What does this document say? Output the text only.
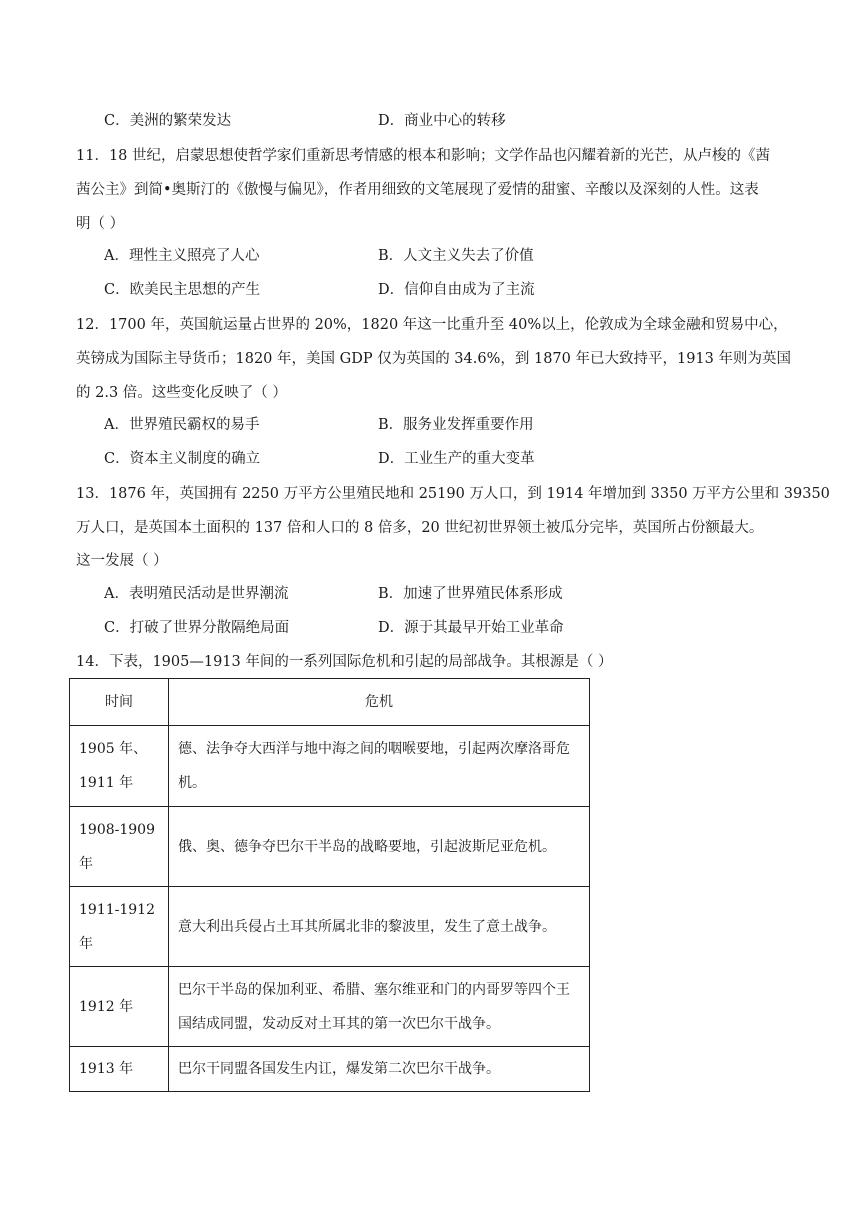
C．美洲的繁荣发达	D．商业中心的转移
11．18 世纪，启蒙思想使哲学家们重新思考情感的根本和影响；文学作品也闪耀着新的光芒，从卢梭的《茜
茜公主》到简•奥斯汀的《傲慢与偏见》，作者用细致的文笔展现了爱情的甜蜜、辛酸以及深刻的人性。这表
明（ ）
A．理性主义照亮了人心	B．人文主义失去了价值
C．欧美民主思想的产生	D．信仰自由成为了主流
12．1700 年，英国航运量占世界的 20%，1820 年这一比重升至 40%以上，伦敦成为全球金融和贸易中心，
英镑成为国际主导货币；1820 年，美国 GDP 仅为英国的 34.6%，到 1870 年已大致持平，1913 年则为英国
的 2.3 倍。这些变化反映了（ ）
A．世界殖民霸权的易手	B．服务业发挥重要作用
C．资本主义制度的确立	D．工业生产的重大变革
13．1876 年，英国拥有 2250 万平方公里殖民地和 25190 万人口，到 1914 年增加到 3350 万平方公里和 39350
万人口，是英国本土面积的 137 倍和人口的 8 倍多，20 世纪初世界领土被瓜分完毕，英国所占份额最大。
这一发展（ ）
A．表明殖民活动是世界潮流	B．加速了世界殖民体系形成
C．打破了世界分散隔绝局面	D．源于其最早开始工业革命
14．下表，1905—1913 年间的一系列国际危机和引起的局部战争。其根源是（ ）
时间	危机
1905 年、1911 年	德、法争夺大西洋与地中海之间的咽喉要地，引起两次摩洛哥危机。
1908-1909 年	俄、奥、德争夺巴尔干半岛的战略要地，引起波斯尼亚危机。
1911-1912 年	意大利出兵侵占土耳其所属北非的黎波里，发生了意土战争。
1912 年	巴尔干半岛的保加利亚、希腊、塞尔维亚和门的内哥罗等四个王国结成同盟，发动反对土耳其的第一次巴尔干战争。
1913 年	巴尔干同盟各国发生内讧，爆发第二次巴尔干战争。
